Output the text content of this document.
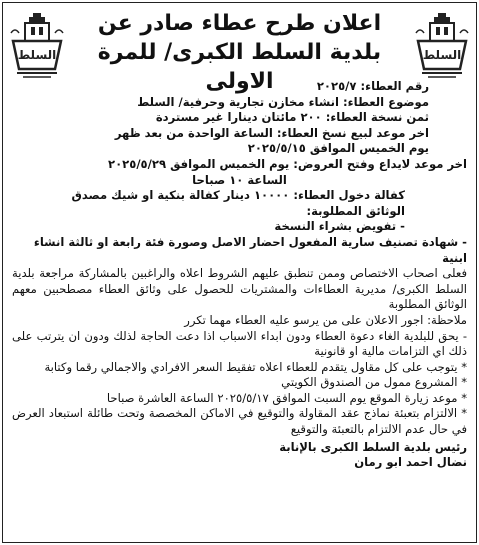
السلط
السلط
اعلان طرح عطاء صادر عن
بلدية السلط الكبرى/ للمرة الاولى	رقم العطاء: ٢٠٢٥/٧

موضوع العطاء: انشاء مخازن تجارية وحرفية/ السلط

ثمن نسخة العطاء: ٢٠٠ مائتان دينارا غير مستردة

اخر موعد لبيع نسخ العطاء: الساعة الواحدة من بعد ظهر

يوم الخميس الموافق ٢٠٢٥/٥/١٥

اخر موعد لايداع وفتح العروض: يوم الخميس الموافق ٢٠٢٥/٥/٢٩

الساعة ١٠ صباحا

كفالة دخول العطاء: ١٠٠٠٠ دينار كفالة بنكية او شيك مصدق

الوثائق المطلوبة:

- تفويض بشراء النسخة

- شهادة تصنيف سارية المفعول احضار الاصل وصورة فئة رابعة او ثالثة انشاء ابنية

فعلى اصحاب الاختصاص وممن تنطبق عليهم الشروط اعلاه والراغبين بالمشاركة مراجعة بلدية السلط الكبرى/ مديرية العطاءات والمشتريات للحصول على وثائق العطاء مصطحبين معهم الوثائق المطلوبة

ملاحظة: اجور الاعلان على من يرسو عليه العطاء مهما تكرر

- يحق للبلدية الغاء دعوة العطاء ودون ابداء الاسباب اذا دعت الحاجة لذلك ودون ان يترتب على ذلك اي التزامات مالية او قانونية

* يتوجب على كل مقاول يتقدم للعطاء اعلاه تفقيط السعر الافرادي والاجمالي رقما وكتابة

* المشروع ممول من الصندوق الكويتي

* موعد زيارة الموقع يوم السبت الموافق ٢٠٢٥/٥/١٧ الساعة العاشرة صباحا

* الالتزام بتعبئة نماذج عقد المقاولة والتوقيع في الاماكن المخصصة وتحت طائلة استبعاد العرض في حال عدم الالتزام بالتعبئة والتوقيع

رئيس بلدية السلط الكبرى بالإنابة

نضال احمد ابو رمان
